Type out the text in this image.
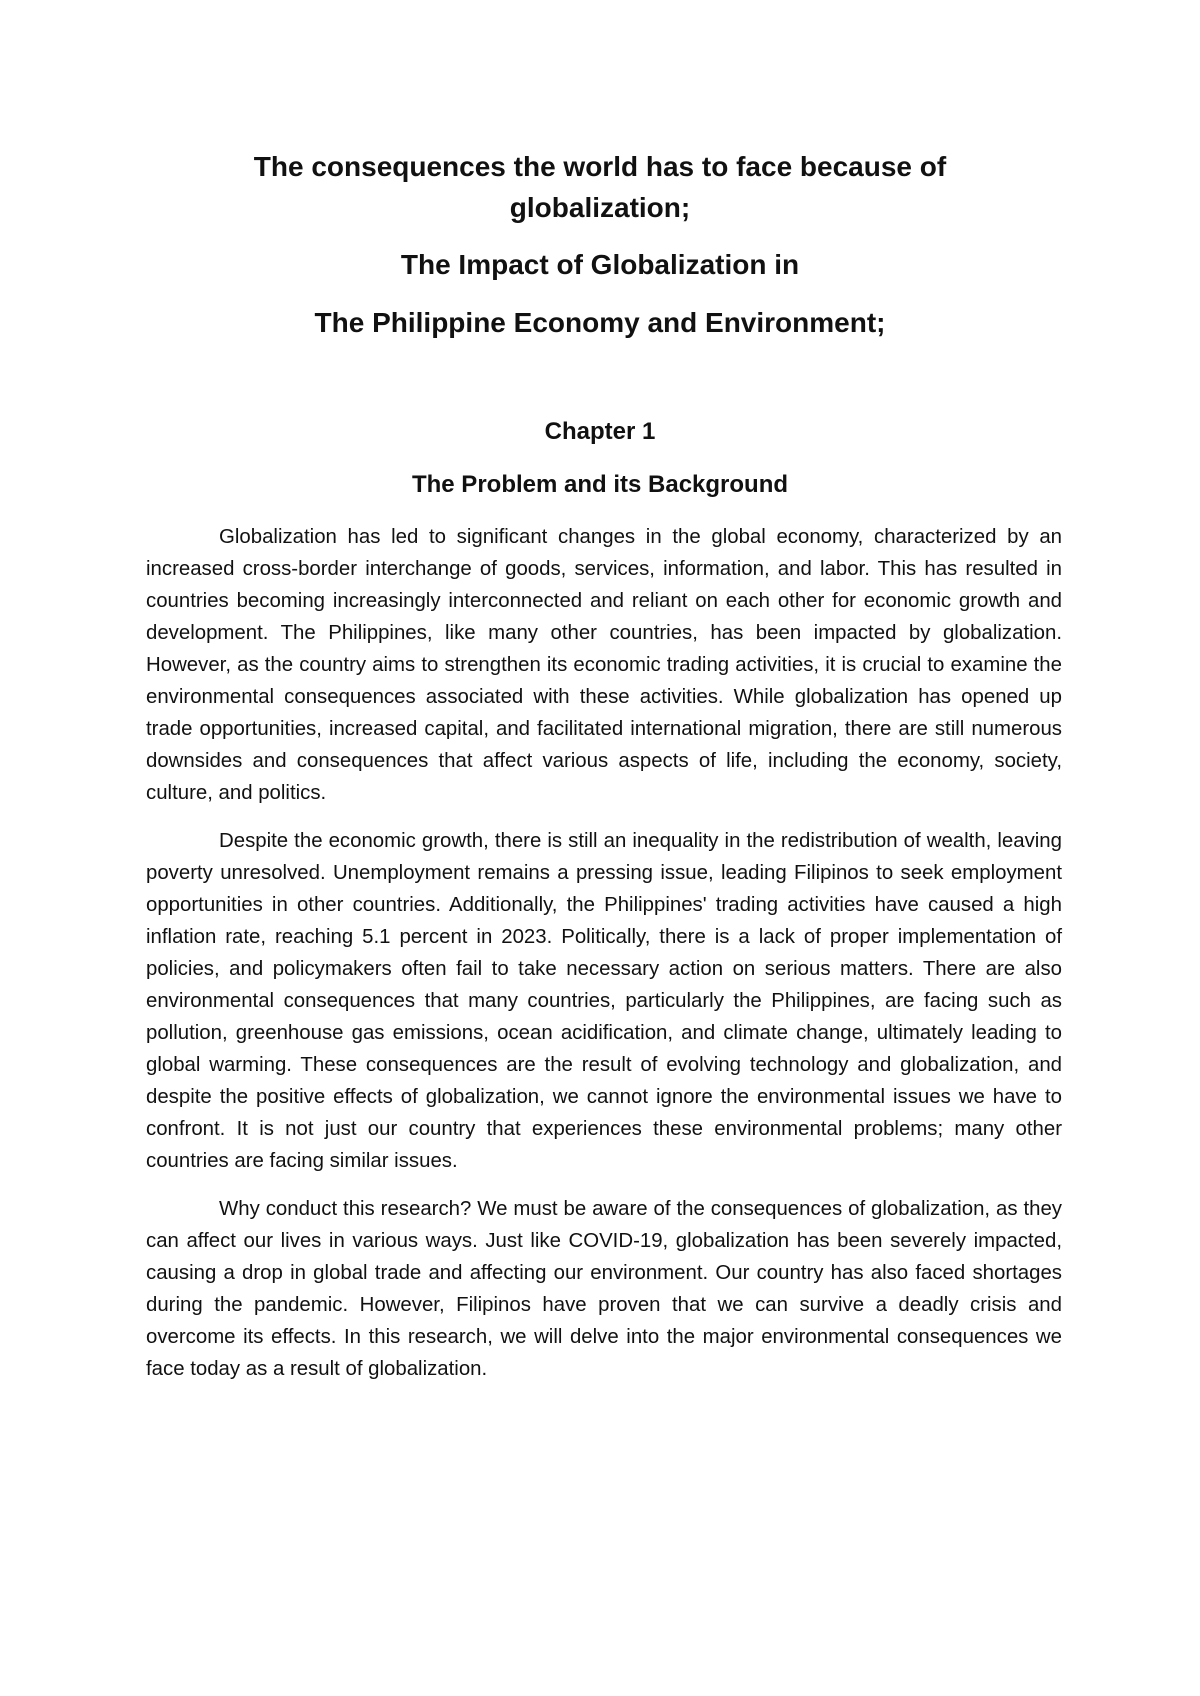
The consequences the world has to face because of globalization;
The Impact of Globalization in
The Philippine Economy and Environment;
Chapter 1
The Problem and its Background

Globalization has led to significant changes in the global economy, characterized by an increased cross-border interchange of goods, services, information, and labor. This has resulted in countries becoming increasingly interconnected and reliant on each other for economic growth and development. The Philippines, like many other countries, has been impacted by globalization. However, as the country aims to strengthen its economic trading activities, it is crucial to examine the environmental consequences associated with these activities. While globalization has opened up trade opportunities, increased capital, and facilitated international migration, there are still numerous downsides and consequences that affect various aspects of life, including the economy, society, culture, and politics.

Despite the economic growth, there is still an inequality in the redistribution of wealth, leaving poverty unresolved. Unemployment remains a pressing issue, leading Filipinos to seek employment opportunities in other countries. Additionally, the Philippines' trading activities have caused a high inflation rate, reaching 5.1 percent in 2023. Politically, there is a lack of proper implementation of policies, and policymakers often fail to take necessary action on serious matters. There are also environmental consequences that many countries, particularly the Philippines, are facing such as pollution, greenhouse gas emissions, ocean acidification, and climate change, ultimately leading to global warming. These consequences are the result of evolving technology and globalization, and despite the positive effects of globalization, we cannot ignore the environmental issues we have to confront. It is not just our country that experiences these environmental problems; many other countries are facing similar issues.

Why conduct this research? We must be aware of the consequences of globalization, as they can affect our lives in various ways. Just like COVID-19, globalization has been severely impacted, causing a drop in global trade and affecting our environment. Our country has also faced shortages during the pandemic. However, Filipinos have proven that we can survive a deadly crisis and overcome its effects. In this research, we will delve into the major environmental consequences we face today as a result of globalization.
